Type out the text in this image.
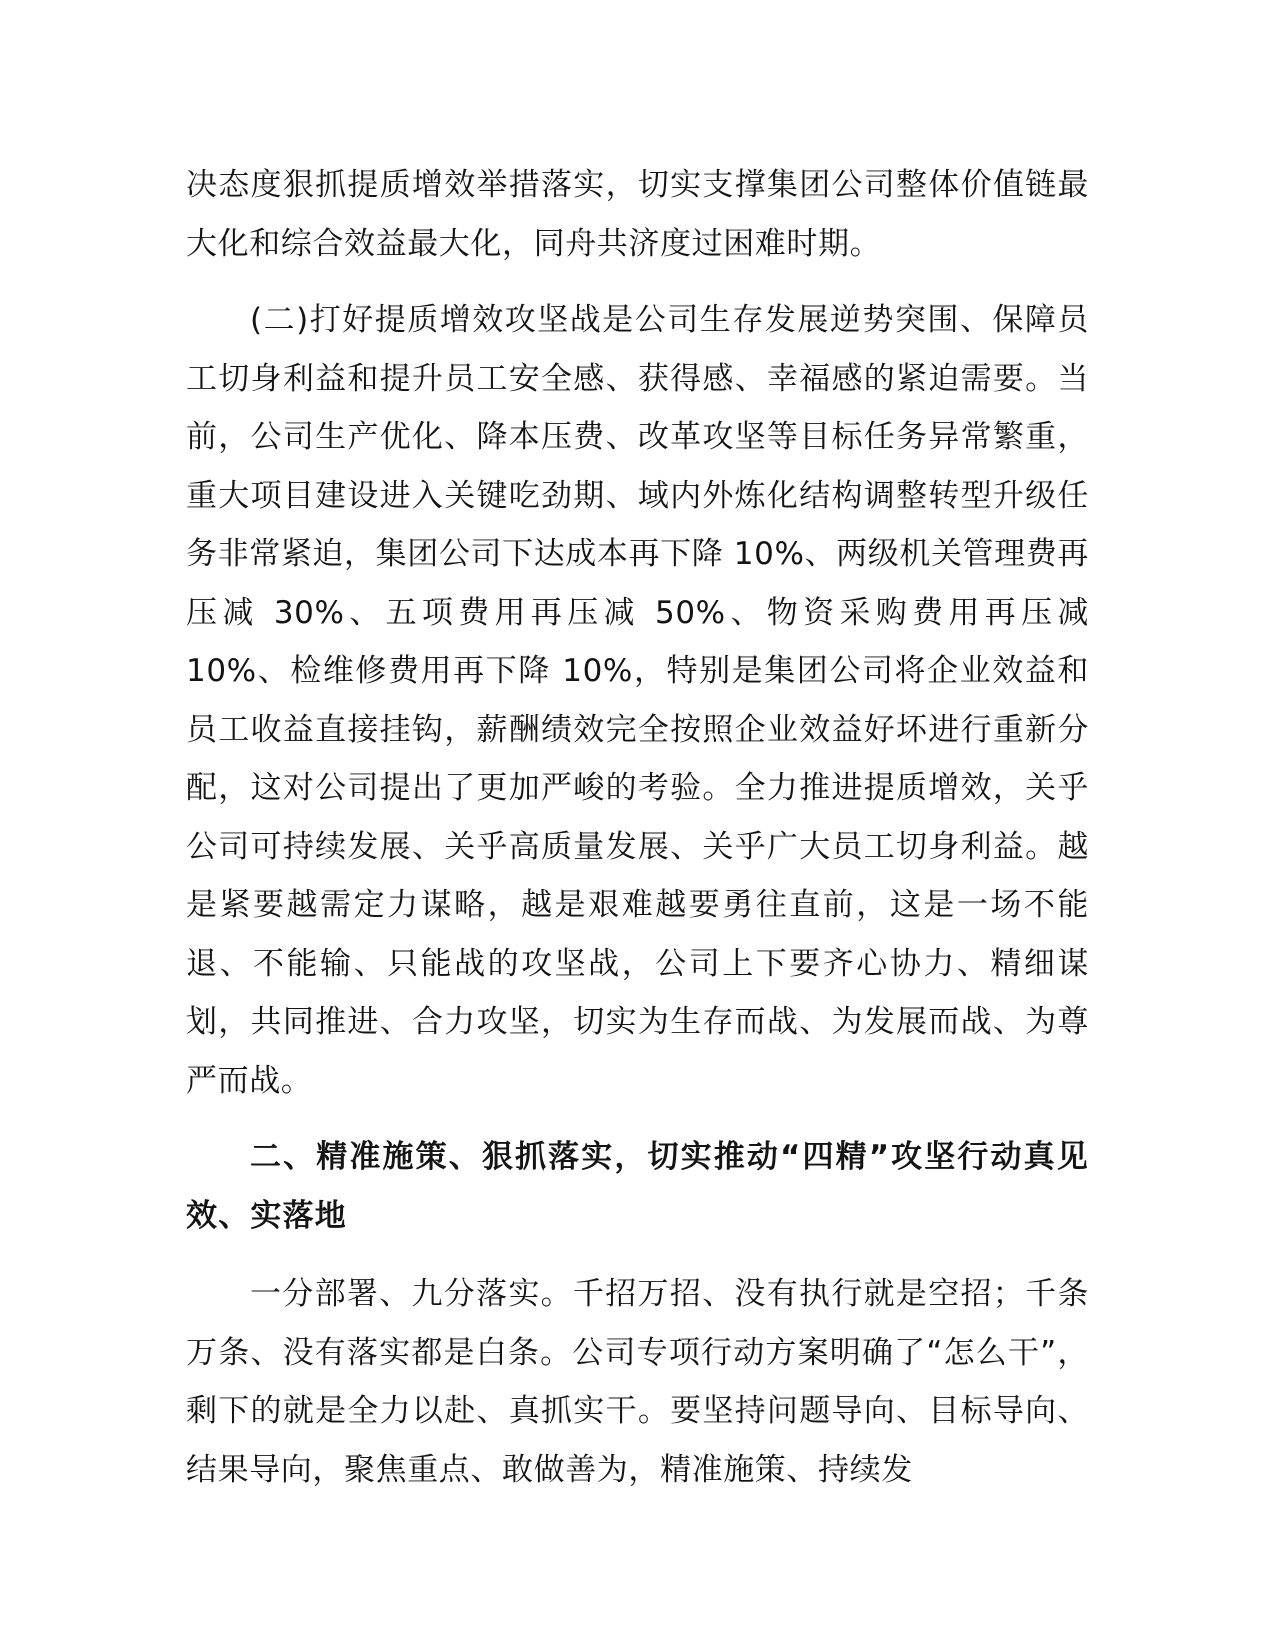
决态度狠抓提质增效举措落实，切实支撑集团公司整体价值链最大化和综合效益最大化，同舟共济度过困难时期。

(二)打好提质增效攻坚战是公司生存发展逆势突围、保障员工切身利益和提升员工安全感、获得感、幸福感的紧迫需要。当前，公司生产优化、降本压费、改革攻坚等目标任务异常繁重，重大项目建设进入关键吃劲期、域内外炼化结构调整转型升级任务非常紧迫，集团公司下达成本再下降 10%、两级机关管理费再压减 30%、五项费用再压减 50%、物资采购费用再压减 10%、检维修费用再下降 10%，特别是集团公司将企业效益和员工收益直接挂钩，薪酬绩效完全按照企业效益好坏进行重新分配，这对公司提出了更加严峻的考验。全力推进提质增效，关乎公司可持续发展、关乎高质量发展、关乎广大员工切身利益。越是紧要越需定力谋略，越是艰难越要勇往直前，这是一场不能退、不能输、只能战的攻坚战，公司上下要齐心协力、精细谋划，共同推进、合力攻坚，切实为生存而战、为发展而战、为尊严而战。

二、精准施策、狠抓落实，切实推动“四精”攻坚行动真见效、实落地

一分部署、九分落实。千招万招、没有执行就是空招；千条万条、没有落实都是白条。公司专项行动方案明确了“怎么干”，剩下的就是全力以赴、真抓实干。要坚持问题导向、目标导向、结果导向，聚焦重点、敢做善为，精准施策、持续发
